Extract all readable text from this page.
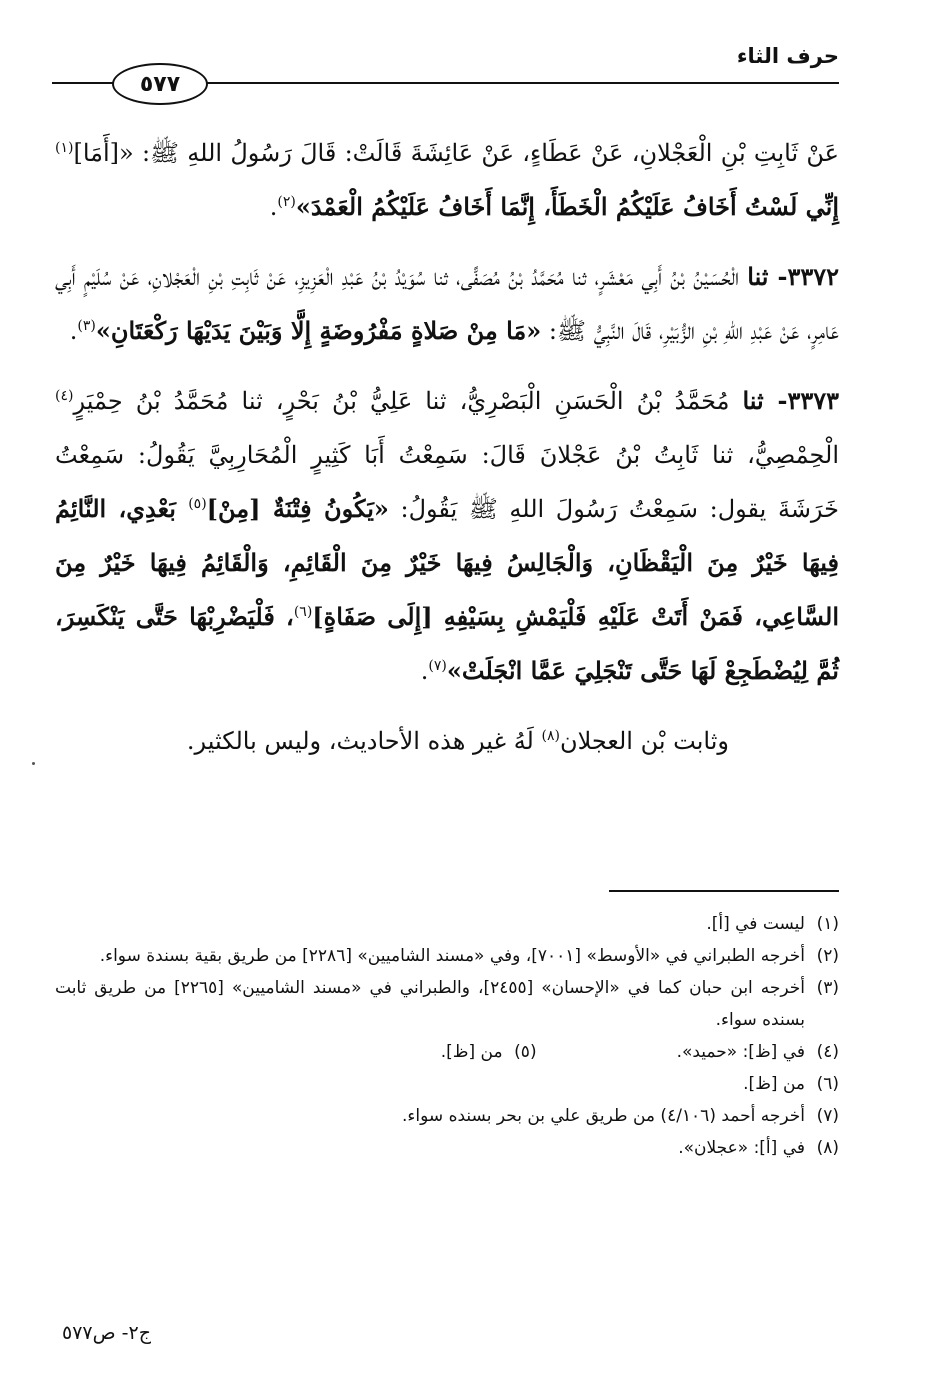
حرف الثاء
٥٧٧

عَنْ ثَابِتِ بْنِ الْعَجْلانِ، عَنْ عَطَاءٍ، عَنْ عَائِشَةَ قَالَتْ: قَالَ رَسُولُ اللهِ ﷺ: «[أَمَا]$^{(١)}$ إِنِّي لَسْتُ أَخَافُ عَلَيْكُمُ الْخَطَأَ، إِنَّمَا أَخَافُ عَلَيْكُمُ الْعَمْدَ»$^{(٢)}$.

٣٣٧٢- ثنا الْحُسَيْنُ بْنُ أَبِي مَعْشَرٍ، ثنا مُحَمَّدُ بْنُ مُصَفًّى، ثنا سُوَيْدُ بْنُ عَبْدِ الْعَزِيزِ، عَنْ ثَابِتِ بْنِ الْعَجْلانِ، عَنْ سُلَيْمٍ أَبِي عَامِرٍ، عَنْ عَبْدِ اللهِ بْنِ الزُّبَيْرِ، قَالَ النَّبِيُّ ﷺ: «مَا مِنْ صَلاةٍ مَفْرُوضَةٍ إِلَّا وَبَيْنَ يَدَيْهَا رَكْعَتَانِ»$^{(٣)}$.

٣٣٧٣- ثنا مُحَمَّدُ بْنُ الْحَسَنِ الْبَصْرِيُّ، ثنا عَلِيُّ بْنُ بَحْرٍ، ثنا مُحَمَّدُ بْنُ حِمْيَرٍ$^{(٤)}$ الْحِمْصِيُّ، ثنا ثَابِتُ بْنُ عَجْلانَ قَالَ: سَمِعْتُ أَبَا كَثِيرٍ الْمُحَارِبِيَّ يَقُولُ: سَمِعْتُ خَرَشَةَ يقول: سَمِعْتُ رَسُولَ اللهِ ﷺ يَقُولُ: «يَكُونُ فِتْنَةٌ [مِنْ]$^{(٥)}$ بَعْدِي، النَّائِمُ فِيهَا خَيْرٌ مِنَ الْيَقْظَانِ، وَالْجَالِسُ فِيهَا خَيْرٌ مِنَ الْقَائِمِ، وَالْقَائِمُ فِيهَا خَيْرٌ مِنَ السَّاعِي، فَمَنْ أَتَتْ عَلَيْهِ فَلْيَمْشِ بِسَيْفِهِ [إِلَى صَفَاةٍ]$^{(٦)}$، فَلْيَضْرِبْهَا حَتَّى يَنْكَسِرَ، ثُمَّ لِيُضْطَجِعْ لَهَا حَتَّى تَنْجَلِيَ عَمَّا انْجَلَتْ»$^{(٧)}$.

وثابت بْن العجلان$^{(٨)}$ لَهُ غير هذه الأحاديث، وليس بالكثير.

(١)
ليست في [أ].
(٢)
أخرجه الطبراني في «الأوسط» [٧٠٠١]، وفي «مسند الشاميين» [٢٢٨٦] من طريق بقية بسندة سواء.
(٣)
أخرجه ابن حبان كما في «الإحسان» [٢٤٥٥]، والطبراني في «مسند الشاميين» [٢٢٦٥] من طريق ثابت بسنده سواء.
(٤)
في [ظ]: «حميد».
(٥)
من [ظ].
(٦)
من [ظ].
(٧)
أخرجه أحمد (٤/١٠٦) من طريق علي بن بحر بسنده سواء.
(٨)
في [أ]: «عجلان».
ج٢- ص٥٧٧
